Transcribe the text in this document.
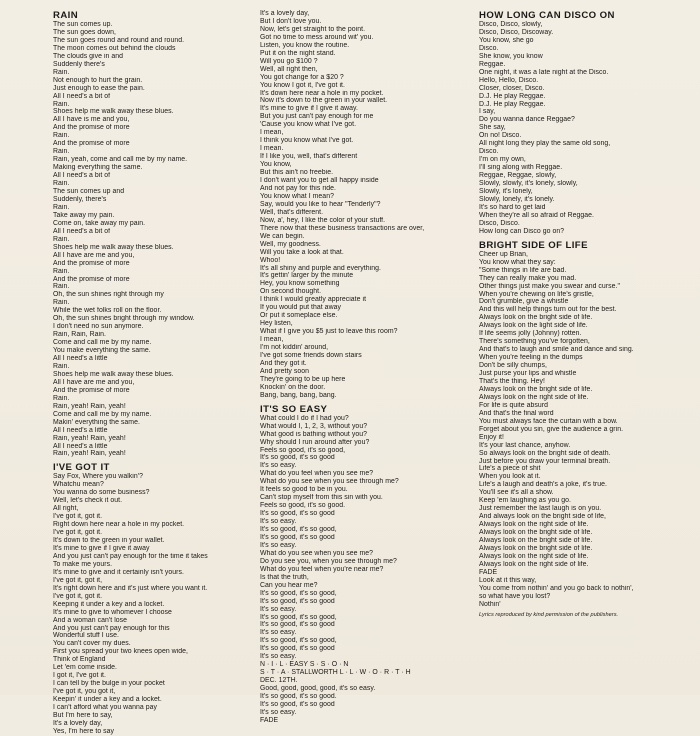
RAIN
The sun comes up.
The sun goes down,
The sun goes round and round and round.
The moon comes out behind the clouds
The clouds give in and
Suddenly there's
Rain.
Not enough to hurt the grain.
Just enough to ease the pain.
All I need's a bit of
Rain.
Shoes help me walk away these blues.
All I have is me and you,
And the promise of more
Rain.
And the promise of more
Rain.
Rain, yeah, come and call me by my name.
Making everything the same.
All I need's a bit of
Rain.
The sun comes up and
Suddenly, there's
Rain.
Take away my pain.
Come on, take away my pain.
All I need's a bit of
Rain.
Shoes help me walk away these blues.
All I have are me and you,
And the promise of more
Rain.
And the promise of more
Rain.
Oh, the sun shines right through my
Rain.
While the wet folks roll on the floor.
Oh, the sun shines bright through my window.
I don't need no sun anymore.
Rain, Rain, Rain.
Come and call me by my name.
You make everything the same.
All I need's a little
Rain.
Shoes help me walk away these blues.
All I have are me and you,
And the promise of more
Rain.
Rain, yeah! Rain, yeah!
Come and call me by my name.
Makin' everything the same.
All I need's a little
Rain, yeah! Rain, yeah!
All I need's a little
Rain, yeah! Rain, yeah!
I'VE GOT IT
Say Fox, Where you walkin'?
Whatchu mean?
You wanna do some business?
Well, let's check it out.
All right,
I've got it, got it.
Right down here near a hole in my pocket.
I've got it, got it.
It's down to the green in your wallet.
It's mine to give if I give it away
And you just can't pay enough for the time it takes
To make me yours.
It's mine to give and it certainly isn't yours.
I've got it, got it,
It's right down here and it's just where you want it.
I've got it, got it.
Keeping it under a key and a locket.
It's mine to give to whomever I choose
And a woman can't lose
And you just can't pay enough for this
Wonderful stuff I use.
You can't cover my dues.
First you spread your two knees open wide,
Think of England
Let 'em come inside.
I got it, I've got it.
I can tell by the bulge in your pocket
I've got it, you got it,
Keepin' it under a key and a locket.
I can't afford what you wanna pay
But I'm here to say,
It's a lovely day,
Yes, I'm here to say
It's a lovely day,
But I don't love you.
Now, let's get straight to the point.
Got no time to mess around wit' you.
Listen, you know the routine.
Put it on the night stand.
Will you go $100 ?
Well, all right then,
You got change for a $20 ?
You know I got it, I've got it.
It's down here near a hole in my pocket.
Now it's down to the green in your wallet.
It's mine to give if I give it away.
But you just can't pay enough for me
'Cause you know what I've got.
I mean,
I think you know what I've got.
I mean.
If I like you, well, that's different
You know,
But this ain't no freebie.
I don't want you to get all happy inside
And not pay for this ride.
You know what I mean?
Say, would you like to hear "Tenderly"?
Well, that's different.
Now, a', hey, I like the color of your stuff.
There now that these business transactions are over,
We can begin.
Well, my goodness.
Will you take a look at that.
Whoo!
It's all shiny and purple and everything.
It's gettin' larger by the minute
Hey, you know something
On second thought.
I think I would greatly appreciate it
If you would put that away
Or put it someplace else.
Hey listen,
What if I give you $5 just to leave this room?
I mean,
I'm not kiddin' around,
I've got some friends down stairs
And they got it.
And pretty soon
They're going to be up here
Knockin' on the door.
Bang, bang, bang, bang.
IT'S SO EASY
What could I do if I had you?
What would I, 1, 2, 3, without you?
What good is bathing without you?
Why should I run around after you?
Feels so good, it's so good,
It's so good, it's so good
It's so easy.
What do you feel when you see me?
What do you see when you see through me?
It feels so good to be in you.
Can't stop myself from this sin with you.
Feels so good, it's so good.
It's so good, it's so good
It's so easy.
It's so good, it's so good,
It's so good, it's so good
It's so easy.
What do you see when you see me?
Do you see you, when you see through me?
What do you feel when you're near me?
Is that the truth,
Can you hear me?
It's so good, it's so good,
It's so good, it's so good
It's so easy.
It's so good, it's so good,
It's so good, it's so good
It's so easy.
It's so good, it's so good,
It's so good, it's so good
It's so easy.
N · I · L · EASY S · S · O · N
S · T · A · STALLWORTH L · L · W · O · R · T · H
DEC. 12TH.
Good, good, good, good, it's so easy.
It's so good, it's so good.
It's so good, it's so good
It's so easy.
FADE
HOW LONG CAN DISCO ON
Disco, Disco, slowly,
Disco, Disco, Discoway.
You know, she go
Disco.
She know, you know
Reggae.
One night, it was a late night at the Disco.
Hello, Hello, Disco.
Closer, closer, Disco.
D.J. He play Reggae.
D.J. He play Reggae.
I say,
Do you wanna dance Reggae?
She say,
On no! Disco.
All night long they play the same old song,
Disco.
I'm on my own,
I'll sing along with Reggae.
Reggae, Reggae, slowly,
Slowly, slowly, it's lonely, slowly,
Slowly, it's lonely,
Slowly, lonely, it's lonely.
It's so hard to get laid
When they're all so afraid of Reggae.
Disco, Disco.
How long can Disco go on?
BRIGHT SIDE OF LIFE
Cheer up Brian,
You know what they say:
"Some things in life are bad.
They can really make you mad.
Other things just make you swear and curse."
When you're chewing on life's gristle,
Don't grumble, give a whistle
And this will help things turn out for the best.
Always look on the bright side of life.
Always look on the light side of life.
If life seems jolly (Johnny) rotten.
There's something you've forgotten,
And that's to laugh and smile and dance and sing.
When you're feeling in the dumps
Don't be silly chumps,
Just purse your lips and whistle
That's the thing. Hey!
Always look on the bright side of life.
Always look on the right side of life.
For life is quite absurd
And that's the final word
You must always face the curtain with a bow.
Forget about you sin, give the audience a grin.
Enjoy it!
It's your last chance, anyhow.
So always look on the bright side of death.
Just before you draw your terminal breath.
Life's a piece of shit
When you look at it.
Life's a laugh and death's a joke, it's true.
You'll see it's all a show.
Keep 'em laughing as you go.
Just remember the last laugh is on you.
And always look on the bright side of life,
Always look on the right side of life.
Always look on the bright side of life.
Always look on the bright side of life.
Always look on the bright side of life.
Always look on the right side of life.
Always look on the right side of life.
FADE
Look at it this way,
You come from nothin' and you go back to nothin',
so what have you lost?
Nothin'
Lyrics reproduced by kind permission of the publishers.
